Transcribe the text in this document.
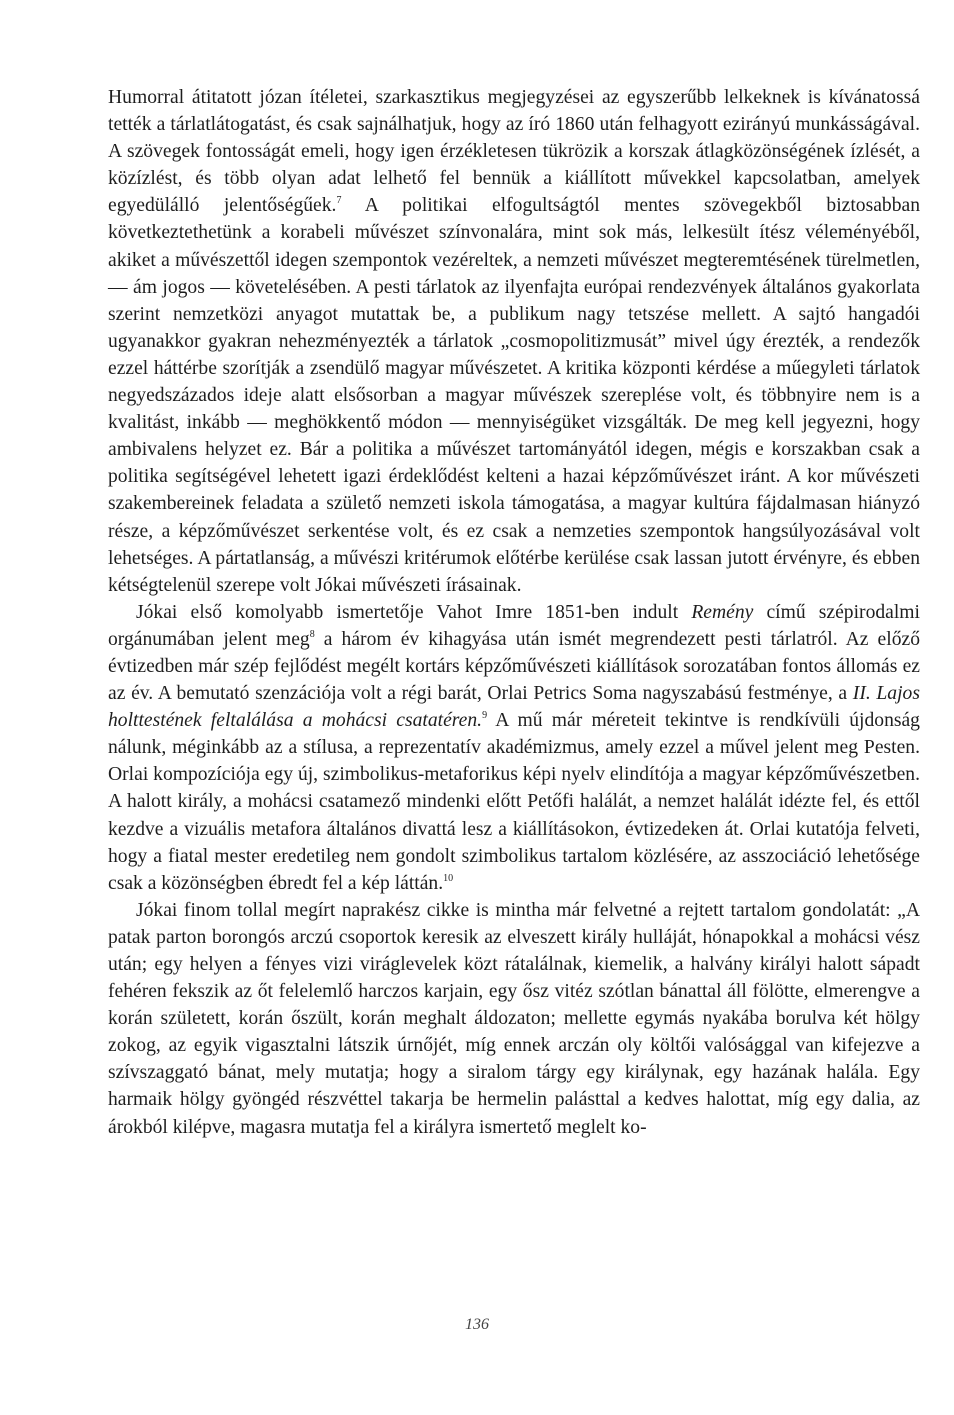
Humorral átitatott józan ítéletei, szarkasztikus megjegyzései az egyszerűbb lelkeknek is kívánatossá tették a tárlatlátogatást, és csak sajnálhatjuk, hogy az író 1860 után felhagyott ezirányú munkásságával. A szövegek fontosságát emeli, hogy igen érzékletesen tükrözik a korszak átlagközönségének ízlését, a közízlést, és több olyan adat lelhető fel bennük a kiállított művekkel kapcsolatban, amelyek egyedülálló jelentőségűek.$^7$ A politikai elfogultságtól mentes szövegekből biztosabban következtethetünk a korabeli művészet színvonalára, mint sok más, lelkesült ítész véleményéből, akiket a művészettől idegen szempontok vezéreltek, a nemzeti művészet megteremtésének türelmetlen, — ám jogos — követelésében. A pesti tárlatok az ilyenfajta európai rendezvények általános gyakorlata szerint nemzetközi anyagot mutattak be, a publikum nagy tetszése mellett. A sajtó hangadói ugyanakkor gyakran nehezményezték a tárlatok „cosmopolitizmusát” mivel úgy érezték, a rendezők ezzel háttérbe szorítják a zsendülő magyar művészetet. A kritika központi kérdése a műegyleti tárlatok negyedszázados ideje alatt elsősorban a magyar művészek szereplése volt, és többnyire nem is a kvalitást, inkább — meghökkentő módon — mennyiségüket vizsgálták. De meg kell jegyezni, hogy ambivalens helyzet ez. Bár a politika a művészet tartományától idegen, mégis e korszakban csak a politika segítségével lehetett igazi érdeklődést kelteni a hazai képzőművészet iránt. A kor művészeti szakembereinek feladata a születő nemzeti iskola támogatása, a magyar kultúra fájdalmasan hiányzó része, a képzőművészet serkentése volt, és ez csak a nemzeties szempontok hangsúlyozásával volt lehetséges. A pártatlanság, a művészi kritérumok előtérbe kerülése csak lassan jutott érvényre, és ebben kétségtelenül szerepe volt Jókai művészeti írásainak.

Jókai első komolyabb ismertetője Vahot Imre 1851-ben indult Remény című szépirodalmi orgánumában jelent meg$^8$ a három év kihagyása után ismét megrendezett pesti tárlatról. Az előző évtizedben már szép fejlődést megélt kortárs képzőművészeti kiállítások sorozatában fontos állomás ez az év. A bemutató szenzációja volt a régi barát, Orlai Petrics Soma nagyszabású festménye, a II. Lajos holttestének feltalálása a mohácsi csatatéren.$^9$ A mű már méreteit tekintve is rendkívüli újdonság nálunk, méginkább az a stílusa, a reprezentatív akadémizmus, amely ezzel a művel jelent meg Pesten. Orlai kompozíciója egy új, szimbolikus-metaforikus képi nyelv elindítója a magyar képzőművészetben. A halott király, a mohácsi csatamező mindenki előtt Petőfi halálát, a nemzet halálát idézte fel, és ettől kezdve a vizuális metafora általános divattá lesz a kiállításokon, évtizedeken át. Orlai kutatója felveti, hogy a fiatal mester eredetileg nem gondolt szimbolikus tartalom közlésére, az asszociáció lehetősége csak a közönségben ébredt fel a kép láttán.$^{10}$

Jókai finom tollal megírt naprakész cikke is mintha már felvetné a rejtett tartalom gondolatát: „A patak parton borongós arczú csoportok keresik az elveszett király hulláját, hónapokkal a mohácsi vész után; egy helyen a fényes vizi viráglevelek közt rátalálnak, kiemelik, a halvány királyi halott sápadt fehéren fekszik az őt felelemlő harczos karjain, egy ősz vitéz szótlan bánattal áll fölötte, elmerengve a korán született, korán őszült, korán meghalt áldozaton; mellette egymás nyakába borulva két hölgy zokog, az egyik vigasztalni látszik úrnőjét, míg ennek arczán oly költői valósággal van kifejezve a szívszaggató bánat, mely mutatja; hogy a siralom tárgy egy királynak, egy hazának halála. Egy harmaik hölgy gyöngéd részvéttel takarja be hermelin palásttal a kedves halottat, míg egy dalia, az árokból kilépve, magasra mutatja fel a királyra ismertető meglelt ko-

136
